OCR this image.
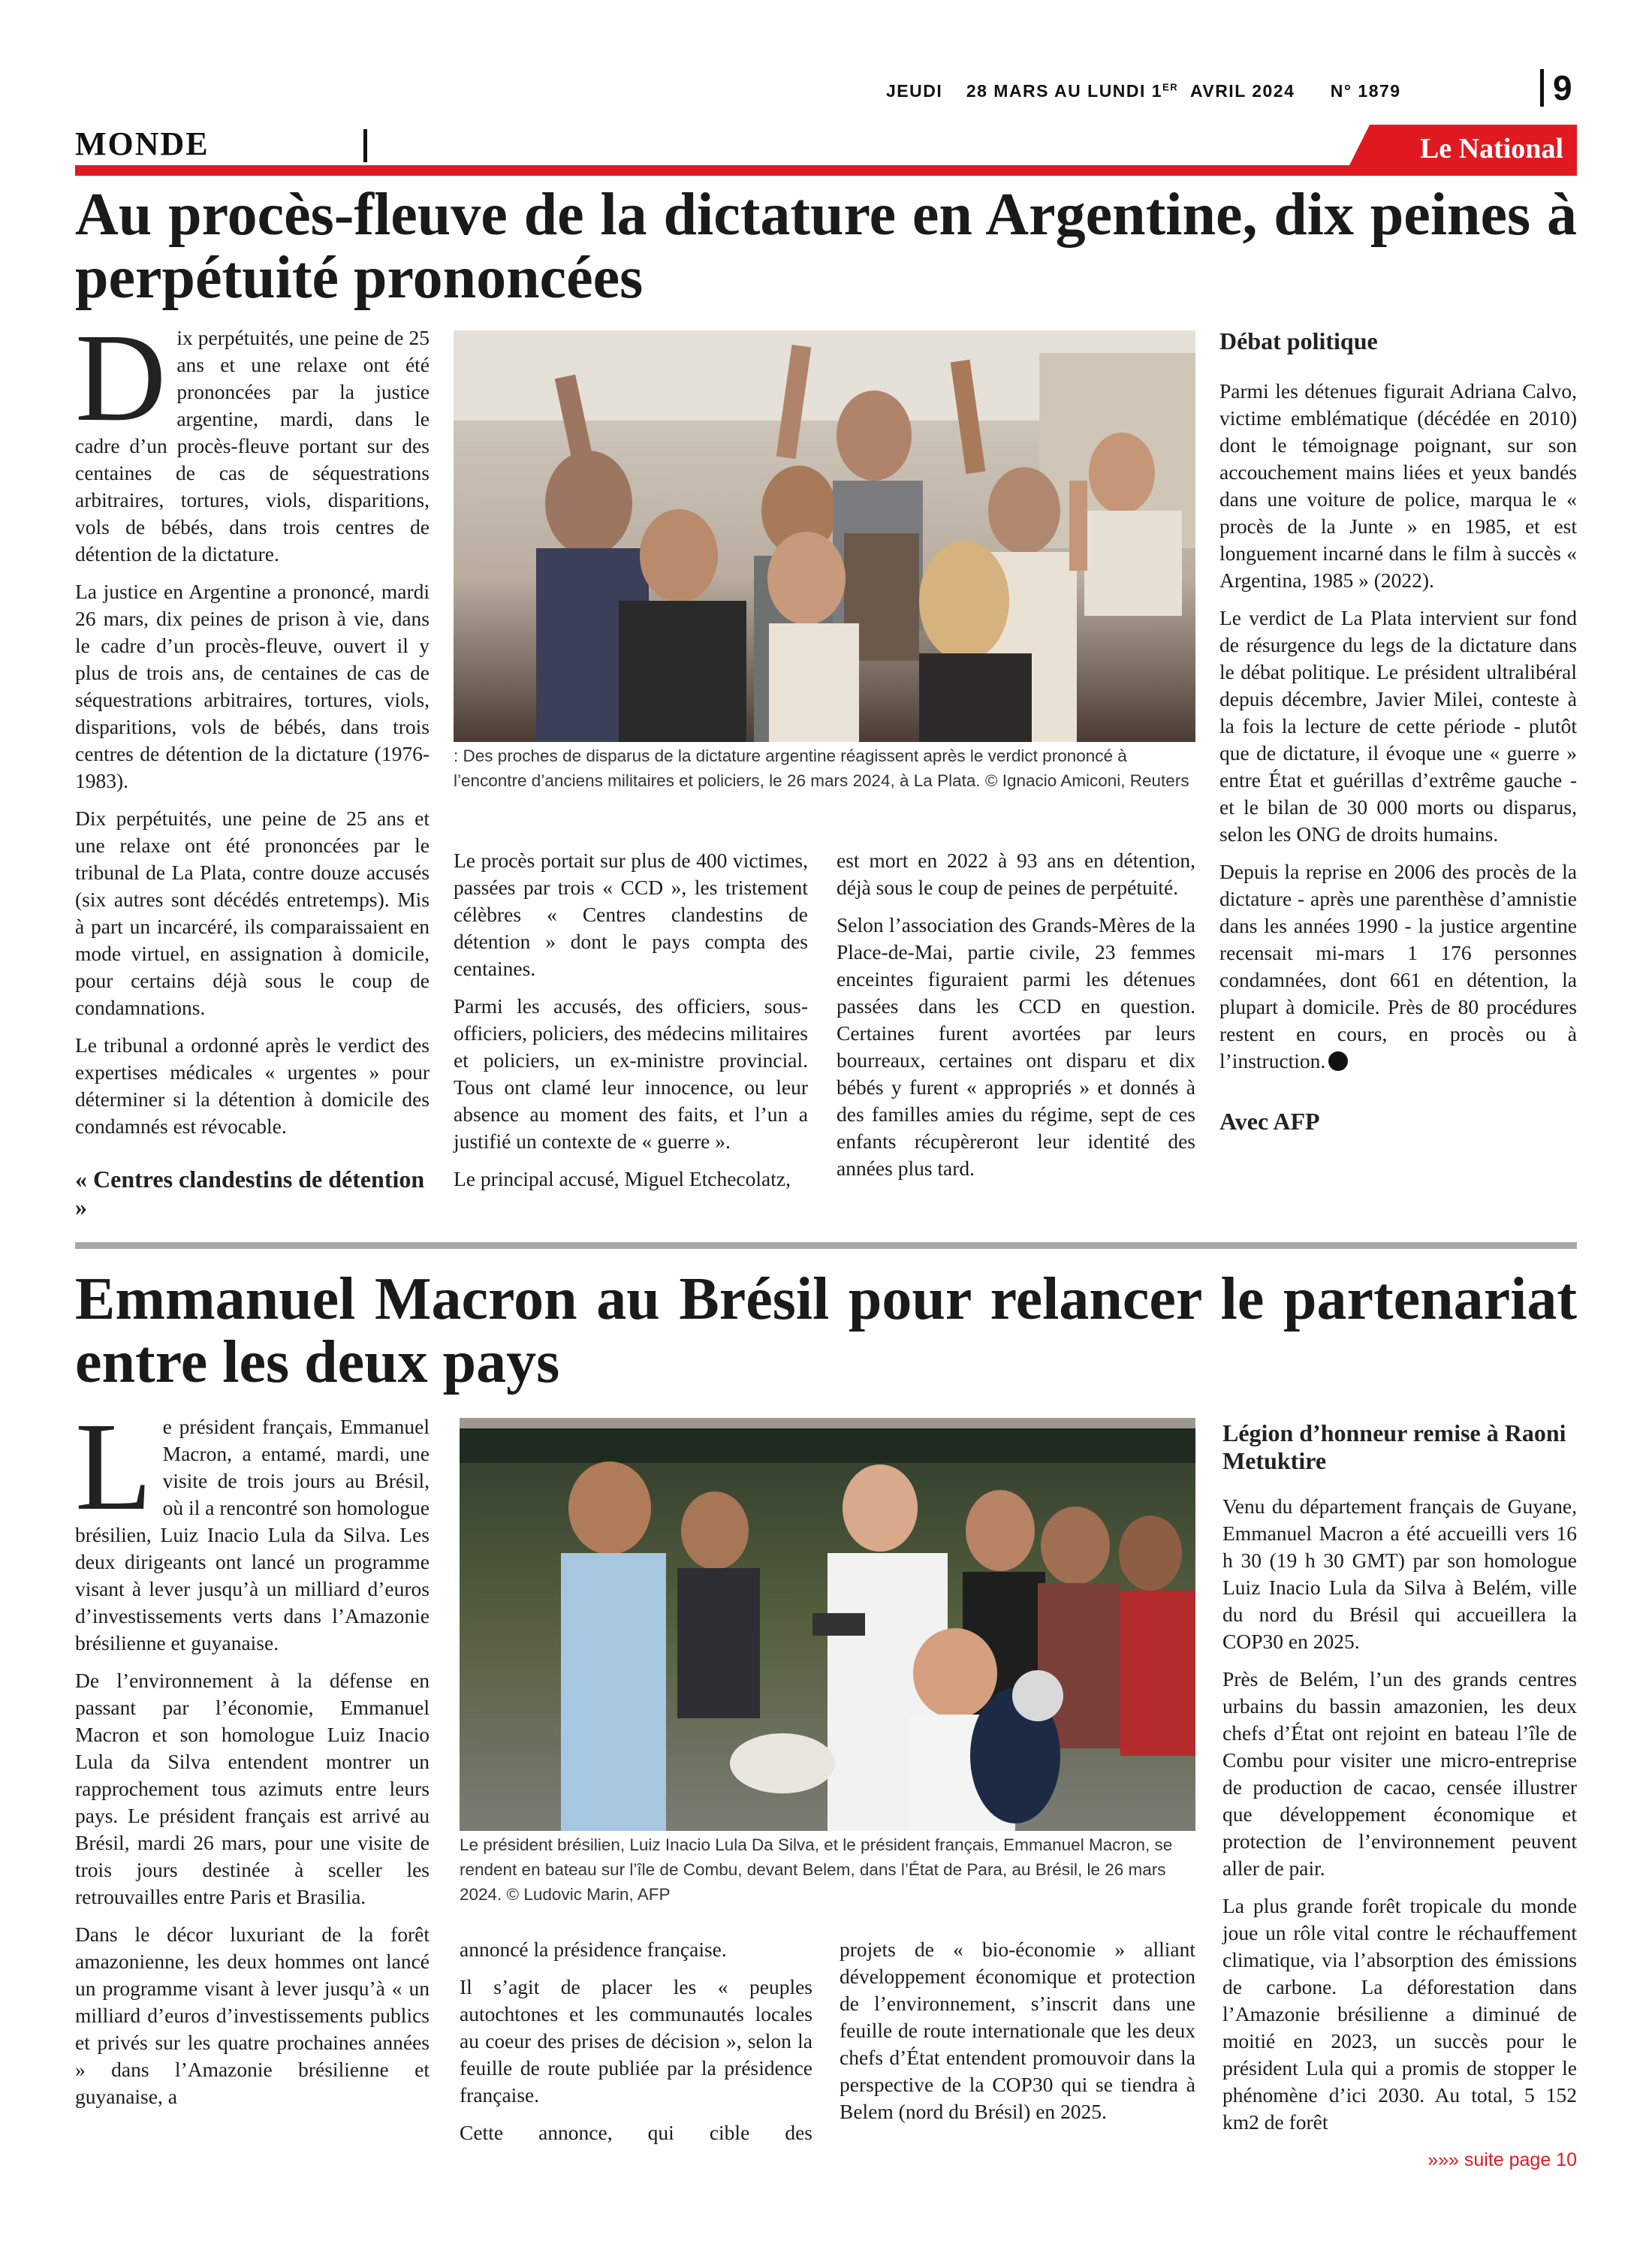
JEUDI 28 MARS AU LUNDI 1ER AVRIL 2024 N° 1879	9
MONDE	Le National
Au procès-fleuve de la dictature en Argentine, dix peines à perpétuité prononcées

Dix perpétuités, une peine de 25 ans et une relaxe ont été prononcées par la justice argentine, mardi, dans le cadre d’un procès-fleuve portant sur des centaines de cas de séquestrations arbitraires, tortures, viols, disparitions, vols de bébés, dans trois centres de détention de la dictature.

La justice en Argentine a prononcé, mardi 26 mars, dix peines de prison à vie, dans le cadre d’un procès-fleuve, ouvert il y plus de trois ans, de centaines de cas de séquestrations arbitraires, tortures, viols, disparitions, vols de bébés, dans trois centres de détention de la dictature (1976-1983).

Dix perpétuités, une peine de 25 ans et une relaxe ont été prononcées par le tribunal de La Plata, contre douze accusés (six autres sont décédés entretemps). Mis à part un incarcéré, ils comparaissaient en mode virtuel, en assignation à domicile, pour certains déjà sous le coup de condamnations.

Le tribunal a ordonné après le verdict des expertises médicales « urgentes » pour déterminer si la détention à domicile des condamnés est révocable.

« Centres clandestins de détention »
: Des proches de disparus de la dictature argentine réagissent après le verdict prononcé à l’encontre d’anciens militaires et policiers, le 26 mars 2024, à La Plata. © Ignacio Amiconi, Reuters

Le procès portait sur plus de 400 victimes, passées par trois « CCD », les tristement célèbres « Centres clandestins de détention » dont le pays compta des centaines.

Parmi les accusés, des officiers, sous-officiers, policiers, des médecins militaires et policiers, un ex-ministre provincial. Tous ont clamé leur innocence, ou leur absence au moment des faits, et l’un a justifié un contexte de « guerre ».

Le principal accusé, Miguel Etchecolatz,

est mort en 2022 à 93 ans en détention, déjà sous le coup de peines de perpétuité.

Selon l’association des Grands-Mères de la Place-de-Mai, partie civile, 23 femmes enceintes figuraient parmi les détenues passées dans les CCD en question. Certaines furent avortées par leurs bourreaux, certaines ont disparu et dix bébés y furent « appropriés » et donnés à des familles amies du régime, sept de ces enfants récupèreront leur identité des années plus tard.

Débat politique

Parmi les détenues figurait Adriana Calvo, victime emblématique (décédée en 2010) dont le témoignage poignant, sur son accouchement mains liées et yeux bandés dans une voiture de police, marqua le « procès de la Junte » en 1985, et est longuement incarné dans le film à succès « Argentina, 1985 » (2022).

Le verdict de La Plata intervient sur fond de résurgence du legs de la dictature dans le débat politique. Le président ultralibéral depuis décembre, Javier Milei, conteste à la fois la lecture de cette période - plutôt que de dictature, il évoque une « guerre » entre État et guérillas d’extrême gauche - et le bilan de 30 000 morts ou disparus, selon les ONG de droits humains.

Depuis la reprise en 2006 des procès de la dictature - après une parenthèse d’amnistie dans les années 1990 - la justice argentine recensait mi-mars 1 176 personnes condamnées, dont 661 en détention, la plupart à domicile. Près de 80 procédures restent en cours, en procès ou à l’instruction.

Avec AFP
Emmanuel Macron au Brésil pour relancer le partenariat entre les deux pays

Le président français, Emmanuel Macron, a entamé, mardi, une visite de trois jours au Brésil, où il a rencontré son homologue brésilien, Luiz Inacio Lula da Silva. Les deux dirigeants ont lancé un programme visant à lever jusqu’à un milliard d’euros d’investissements verts dans l’Amazonie brésilienne et guyanaise.

De l’environnement à la défense en passant par l’économie, Emmanuel Macron et son homologue Luiz Inacio Lula da Silva entendent montrer un rapprochement tous azimuts entre leurs pays. Le président français est arrivé au Brésil, mardi 26 mars, pour une visite de trois jours destinée à sceller les retrouvailles entre Paris et Brasilia.

Dans le décor luxuriant de la forêt amazonienne, les deux hommes ont lancé un programme visant à lever jusqu’à « un milliard d’euros d’investissements publics et privés sur les quatre prochaines années » dans l’Amazonie brésilienne et guyanaise, a

Le président brésilien, Luiz Inacio Lula Da Silva, et le président français, Emmanuel Macron, se rendent en bateau sur l’île de Combu, devant Belem, dans l’État de Para, au Brésil, le 26 mars 2024. © Ludovic Marin, AFP

annoncé la présidence française.

Il s’agit de placer les « peuples autochtones et les communautés locales au coeur des prises de décision », selon la feuille de route publiée par la présidence française.

Cette annonce, qui cible des

projets de « bio-économie » alliant développement économique et protection de l’environnement, s’inscrit dans une feuille de route internationale que les deux chefs d’État entendent promouvoir dans la perspective de la COP30 qui se tiendra à Belem (nord du Brésil) en 2025.

Légion d’honneur remise à Raoni Metuktire

Venu du département français de Guyane, Emmanuel Macron a été accueilli vers 16 h 30 (19 h 30 GMT) par son homologue Luiz Inacio Lula da Silva à Belém, ville du nord du Brésil qui accueillera la COP30 en 2025.

Près de Belém, l’un des grands centres urbains du bassin amazonien, les deux chefs d’État ont rejoint en bateau l’île de Combu pour visiter une micro-entreprise de production de cacao, censée illustrer que développement économique et protection de l’environnement peuvent aller de pair.

La plus grande forêt tropicale du monde joue un rôle vital contre le réchauffement climatique, via l’absorption des émissions de carbone. La déforestation dans l’Amazonie brésilienne a diminué de moitié en 2023, un succès pour le président Lula qui a promis de stopper le phénomène d’ici 2030. Au total, 5 152 km2 de forêt

»»» suite page 10
